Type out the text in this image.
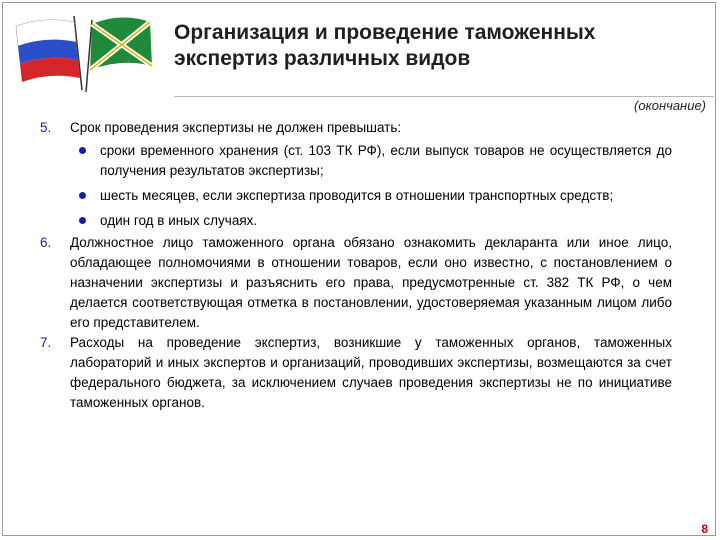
Организация и проведение таможенных
экспертиз различных видов
(окончание)
5.	Срок проведения экспертизы не должен превышать:
сроки временного хранения (ст. 103 ТК РФ), если выпуск товаров не осуществляется до получения результатов экспертизы;
шесть месяцев, если экспертиза проводится в отношении транспортных средств;
один год в иных случаях.
6.	Должностное лицо таможенного органа обязано ознакомить декларанта или иное лицо, обладающее полномочиями в отношении товаров, если оно известно, с постановлением о назначении экспертизы и разъяснить его права, предусмотренные ст. 382 ТК РФ, о чем делается соответствующая отметка в постановлении, удостоверяемая указанным лицом либо его представителем.
7.	Расходы на проведение экспертиз, возникшие у таможенных органов, таможенных лабораторий и иных экспертов и организаций, проводивших экспертизы, возмещаются за счет федерального бюджета, за исключением случаев проведения экспертизы не по инициативе таможенных органов.
8
